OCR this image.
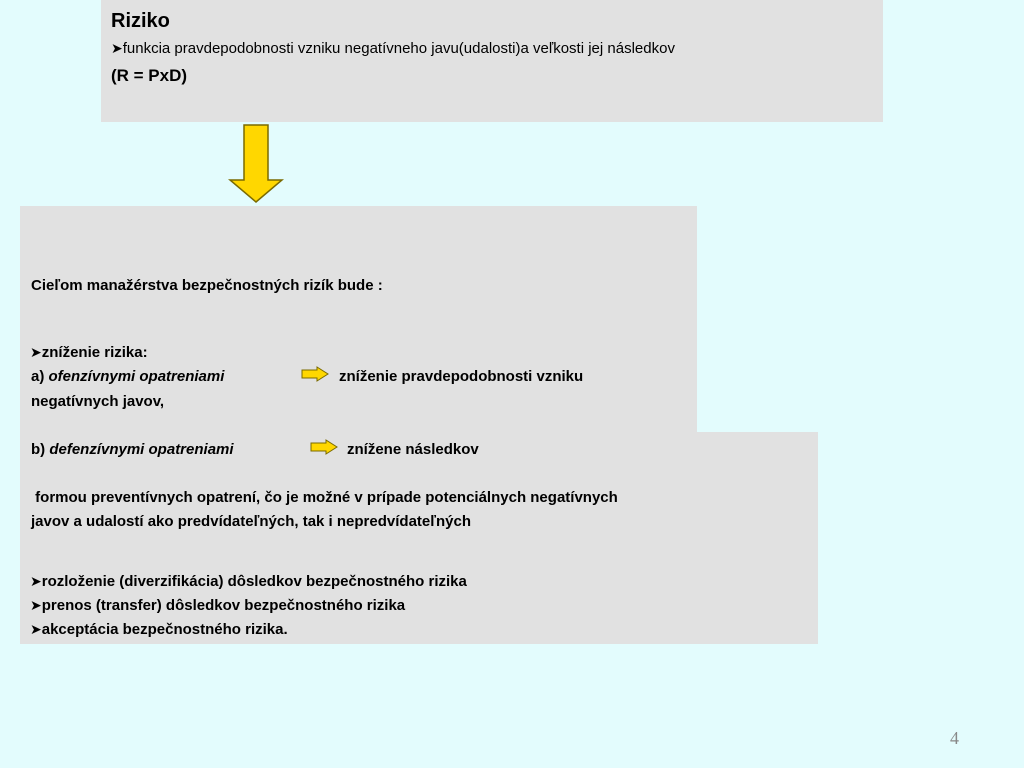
Riziko
➤funkcia pravdepodobnosti vzniku negatívneho javu(udalosti)a veľkosti jej následkov
(R = PxD)
Cieľom manažérstva bezpečnostných rizík bude :
➤zníženie rizika:
a) ofenzívnymi opatreniami	zníženie pravdepodobnosti vzniku
negatívnych javov,
b) defenzívnymi opatreniami	znížene následkov
formou preventívnych opatrení, čo je možné v prípade potenciálnych negatívnych
javov a udalostí ako predvídateľných, tak i nepredvídateľných
➤rozloženie (diverzifikácia) dôsledkov bezpečnostného rizika
➤prenos (transfer) dôsledkov bezpečnostného rizika
➤akceptácia bezpečnostného rizika.
4
